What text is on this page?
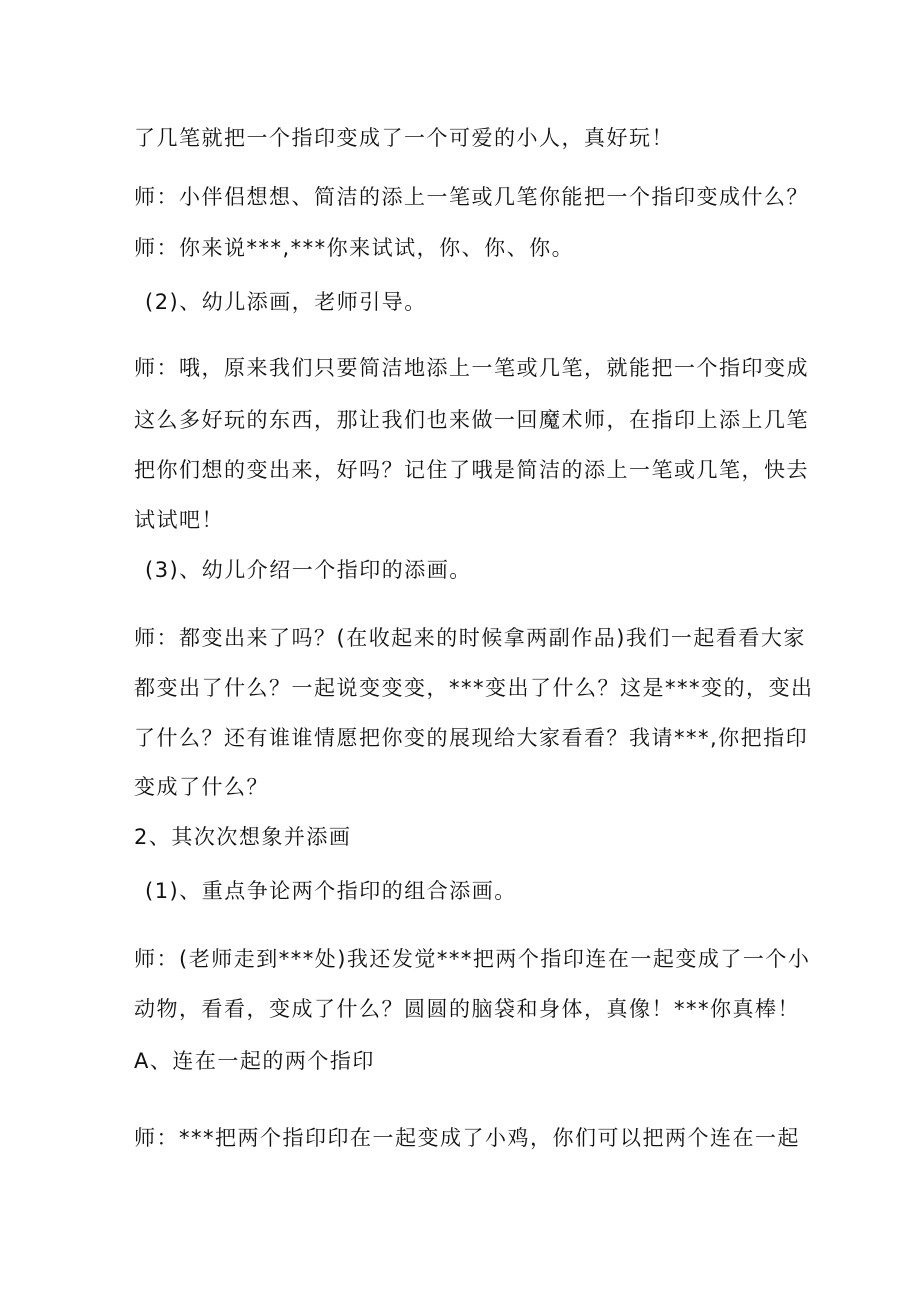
了几笔就把一个指印变成了一个可爱的小人，真好玩！
师：小伴侣想想、简洁的添上一笔或几笔你能把一个指印变成什么？
师：你来说***,***你来试试，你、你、你。
(2)、幼儿添画，老师引导。
师：哦，原来我们只要简洁地添上一笔或几笔，就能把一个指印变成
这么多好玩的东西，那让我们也来做一回魔术师，在指印上添上几笔
把你们想的变出来，好吗？记住了哦是简洁的添上一笔或几笔，快去
试试吧！
(3)、幼儿介绍一个指印的添画。
师：都变出来了吗？(在收起来的时候拿两副作品)我们一起看看大家
都变出了什么？一起说变变变，***变出了什么？这是***变的，变出
了什么？还有谁谁情愿把你变的展现给大家看看？我请***,你把指印
变成了什么？
2、其次次想象并添画
(1)、重点争论两个指印的组合添画。
师：(老师走到***处)我还发觉***把两个指印连在一起变成了一个小
动物，看看，变成了什么？圆圆的脑袋和身体，真像！***你真棒！
A、连在一起的两个指印
师：***把两个指印印在一起变成了小鸡，你们可以把两个连在一起
